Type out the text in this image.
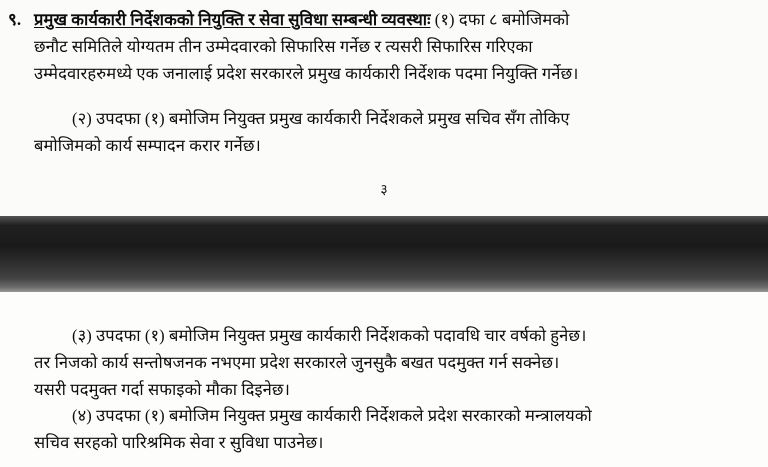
९. प्रमुख कार्यकारी निर्देशकको नियुक्ति र सेवा सुविधा सम्बन्धी व्यवस्थाः (१) दफा ८ बमोजिमको
छनौट समितिले योग्यतम तीन उम्मेदवारको सिफारिस गर्नेछ र त्यसरी सिफारिस गरिएका
उम्मेदवारहरुमध्ये एक जनालाई प्रदेश सरकारले प्रमुख कार्यकारी निर्देशक पदमा नियुक्ति गर्नेछ।
(२) उपदफा (१) बमोजिम नियुक्त प्रमुख कार्यकारी निर्देशकले प्रमुख सचिव सँग तोकिए
बमोजिमको कार्य सम्पादन करार गर्नेछ।
३
(३) उपदफा (१) बमोजिम नियुक्त प्रमुख कार्यकारी निर्देशकको पदावधि चार वर्षको हुनेछ।
तर निजको कार्य सन्तोषजनक नभएमा प्रदेश सरकारले जुनसुकै बखत पदमुक्त गर्न सक्नेछ।
यसरी पदमुक्त गर्दा सफाइको मौका दिइनेछ।
(४) उपदफा (१) बमोजिम नियुक्त प्रमुख कार्यकारी निर्देशकले प्रदेश सरकारको मन्त्रालयको
सचिव सरहको पारिश्रमिक सेवा र सुविधा पाउनेछ।
